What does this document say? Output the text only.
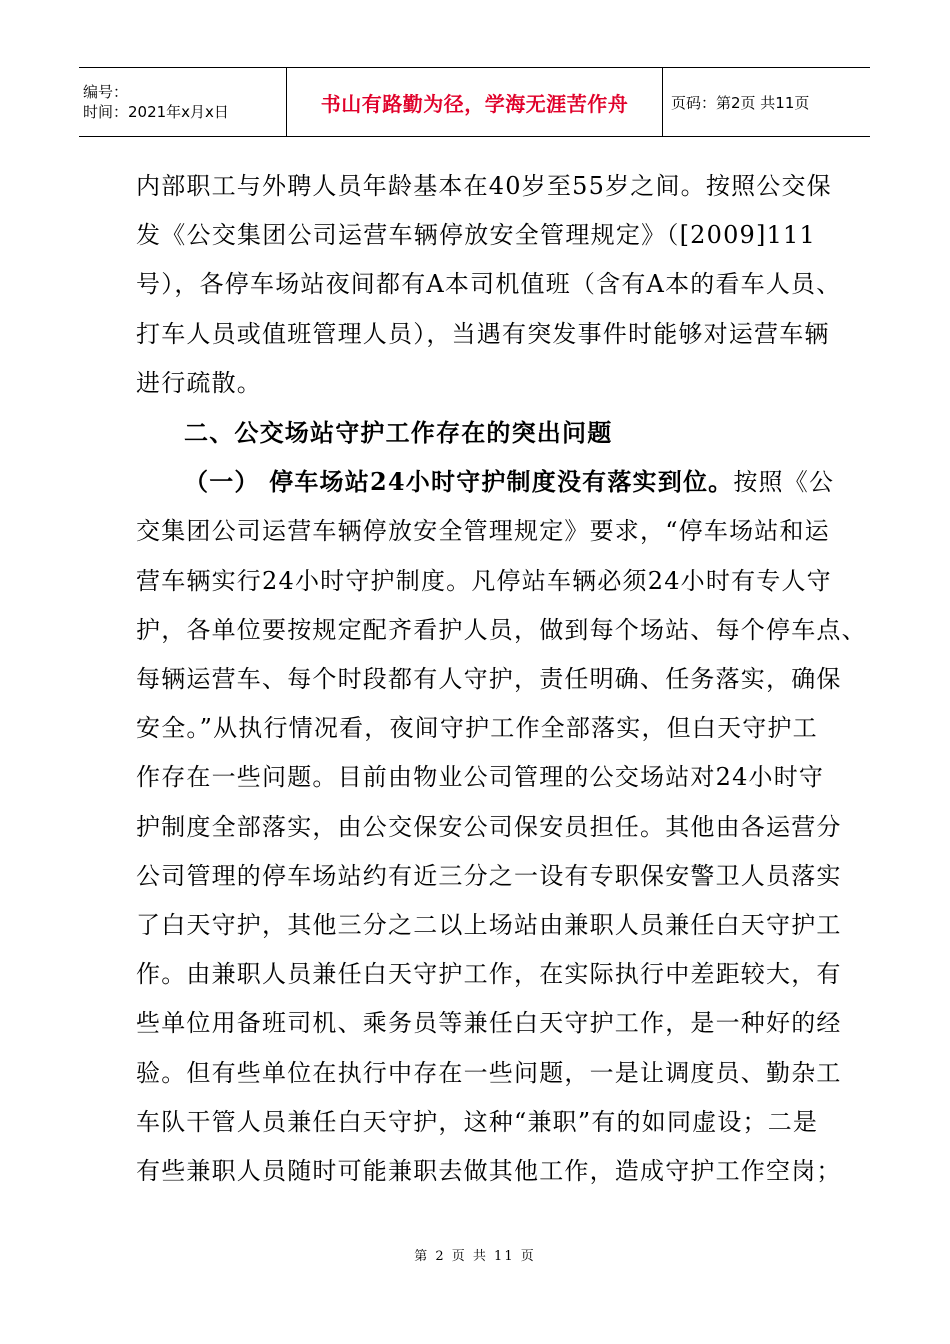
编号：
时间：2021年x月x日	书山有路勤为径，学海无涯苦作舟	页码：第2页 共11页

内部职工与外聘人员年龄基本在40岁至55岁之间。按照公交保

发《公交集团公司运营车辆停放安全管理规定》（[2009]111

号），各停车场站夜间都有A本司机值班（含有A本的看车人员、

打车人员或值班管理人员），当遇有突发事件时能够对运营车辆

进行疏散。

二、公交场站守护工作存在的突出问题

（一） 停车场站24小时守护制度没有落实到位。按照《公

交集团公司运营车辆停放安全管理规定》要求，“停车场站和运

营车辆实行24小时守护制度。凡停站车辆必须24小时有专人守

护，各单位要按规定配齐看护人员，做到每个场站、每个停车点、

每辆运营车、每个时段都有人守护，责任明确、任务落实，确保

安全。”从执行情况看，夜间守护工作全部落实，但白天守护工

作存在一些问题。目前由物业公司管理的公交场站对24小时守

护制度全部落实，由公交保安公司保安员担任。其他由各运营分

公司管理的停车场站约有近三分之一设有专职保安警卫人员落实

了白天守护，其他三分之二以上场站由兼职人员兼任白天守护工

作。由兼职人员兼任白天守护工作，在实际执行中差距较大，有

些单位用备班司机、乘务员等兼任白天守护工作，是一种好的经

验。但有些单位在执行中存在一些问题，一是让调度员、勤杂工

车队干管人员兼任白天守护，这种“兼职”有的如同虚设；二是

有些兼职人员随时可能兼职去做其他工作，造成守护工作空岗；

第 2 页 共 11 页
